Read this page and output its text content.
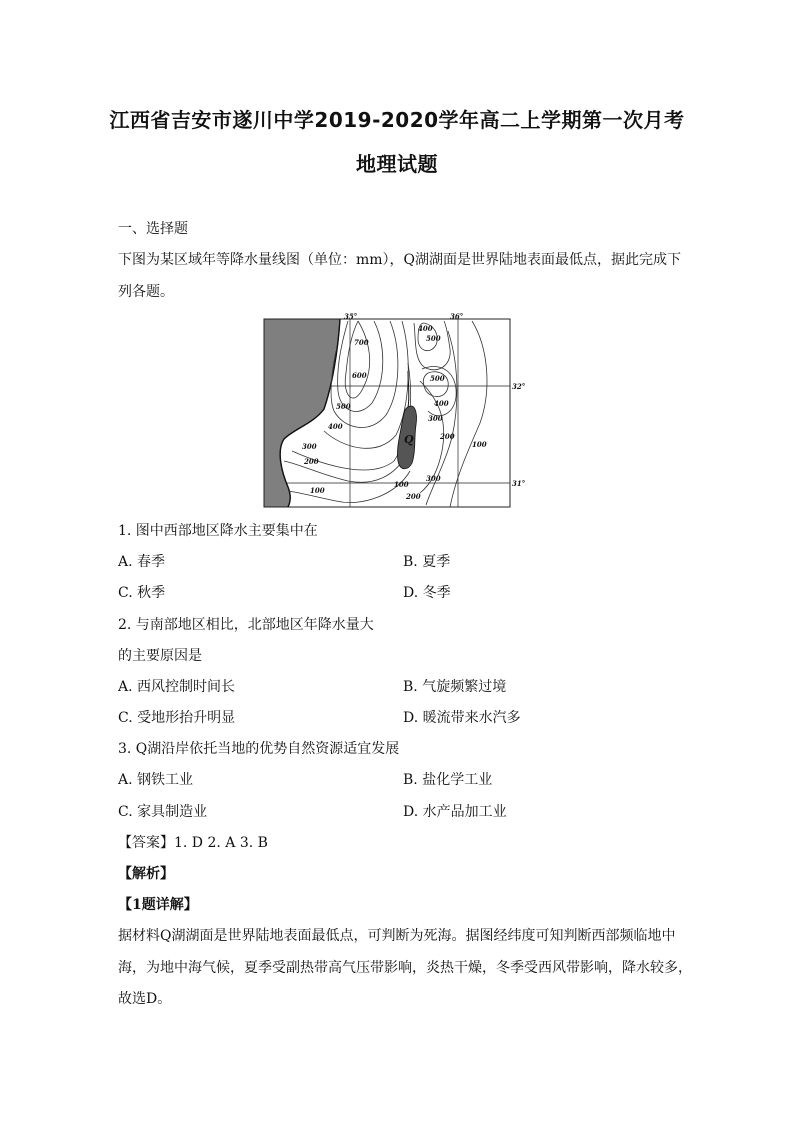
江西省吉安市遂川中学2019-2020学年高二上学期第一次月考
地理试题
一、选择题
下图为某区域年等降水量线图（单位：mm），Q湖湖面是世界陆地表面最低点，据此完成下
列各题。
35°	36°
32°
31°
700
600
500
400
300
200
100
400
500
500
400
300
200
100
100
200
300
Q
1. 图中西部地区降水主要集中在
A. 春季	B. 夏季
C. 秋季	D. 冬季
2. 与南部地区相比，北部地区年降水量大
的主要原因是
A. 西风控制时间长	B. 气旋频繁过境
C. 受地形抬升明显	D. 暖流带来水汽多
3. Q湖沿岸依托当地的优势自然资源适宜发展
A. 钢铁工业	B. 盐化学工业
C. 家具制造业	D. 水产品加工业
【答案】1. D 2. A 3. B
【解析】
【1题详解】
据材料Q湖湖面是世界陆地表面最低点，可判断为死海。据图经纬度可知判断西部频临地中
海，为地中海气候，夏季受副热带高气压带影响，炎热干燥，冬季受西风带影响，降水较多，
故选D。
